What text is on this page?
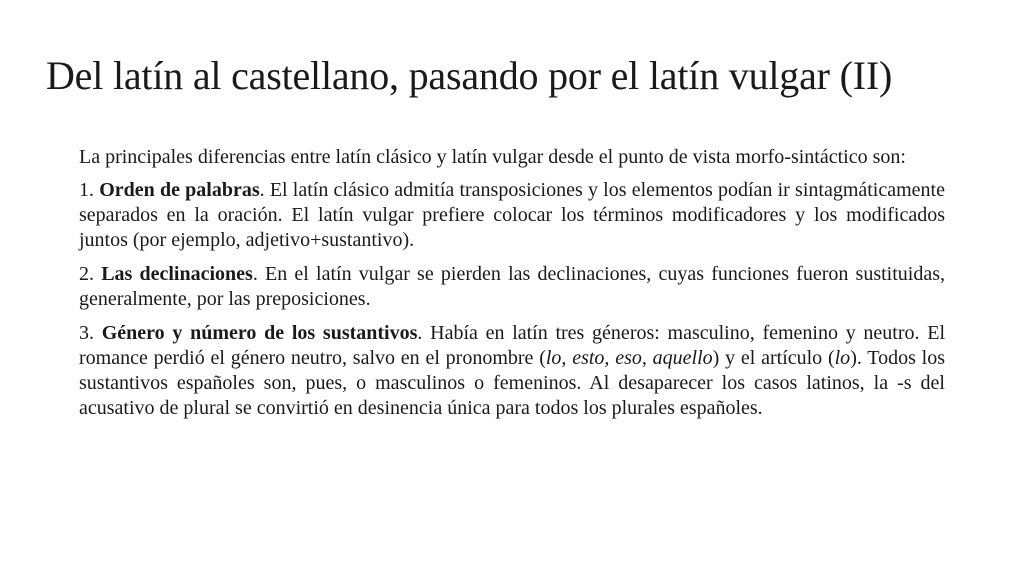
Del latín al castellano, pasando por el latín vulgar (II)

La principales diferencias entre latín clásico y latín vulgar desde el punto de vista morfo-sintáctico son:

1. Orden de palabras. El latín clásico admitía transposiciones y los elementos podían ir sintagmáticamente separados en la oración. El latín vulgar prefiere colocar los términos modificadores y los modificados juntos (por ejemplo, adjetivo+sustantivo).

2. Las declinaciones. En el latín vulgar se pierden las declinaciones, cuyas funciones fueron sustituidas, generalmente, por las preposiciones.

3. Género y número de los sustantivos. Había en latín tres géneros: masculino, femenino y neutro. El romance perdió el género neutro, salvo en el pronombre (lo, esto, eso, aquello) y el artículo (lo). Todos los sustantivos españoles son, pues, o masculinos o femeninos. Al desaparecer los casos latinos, la -s del acusativo de plural se convirtió en desinencia única para todos los plurales españoles.
